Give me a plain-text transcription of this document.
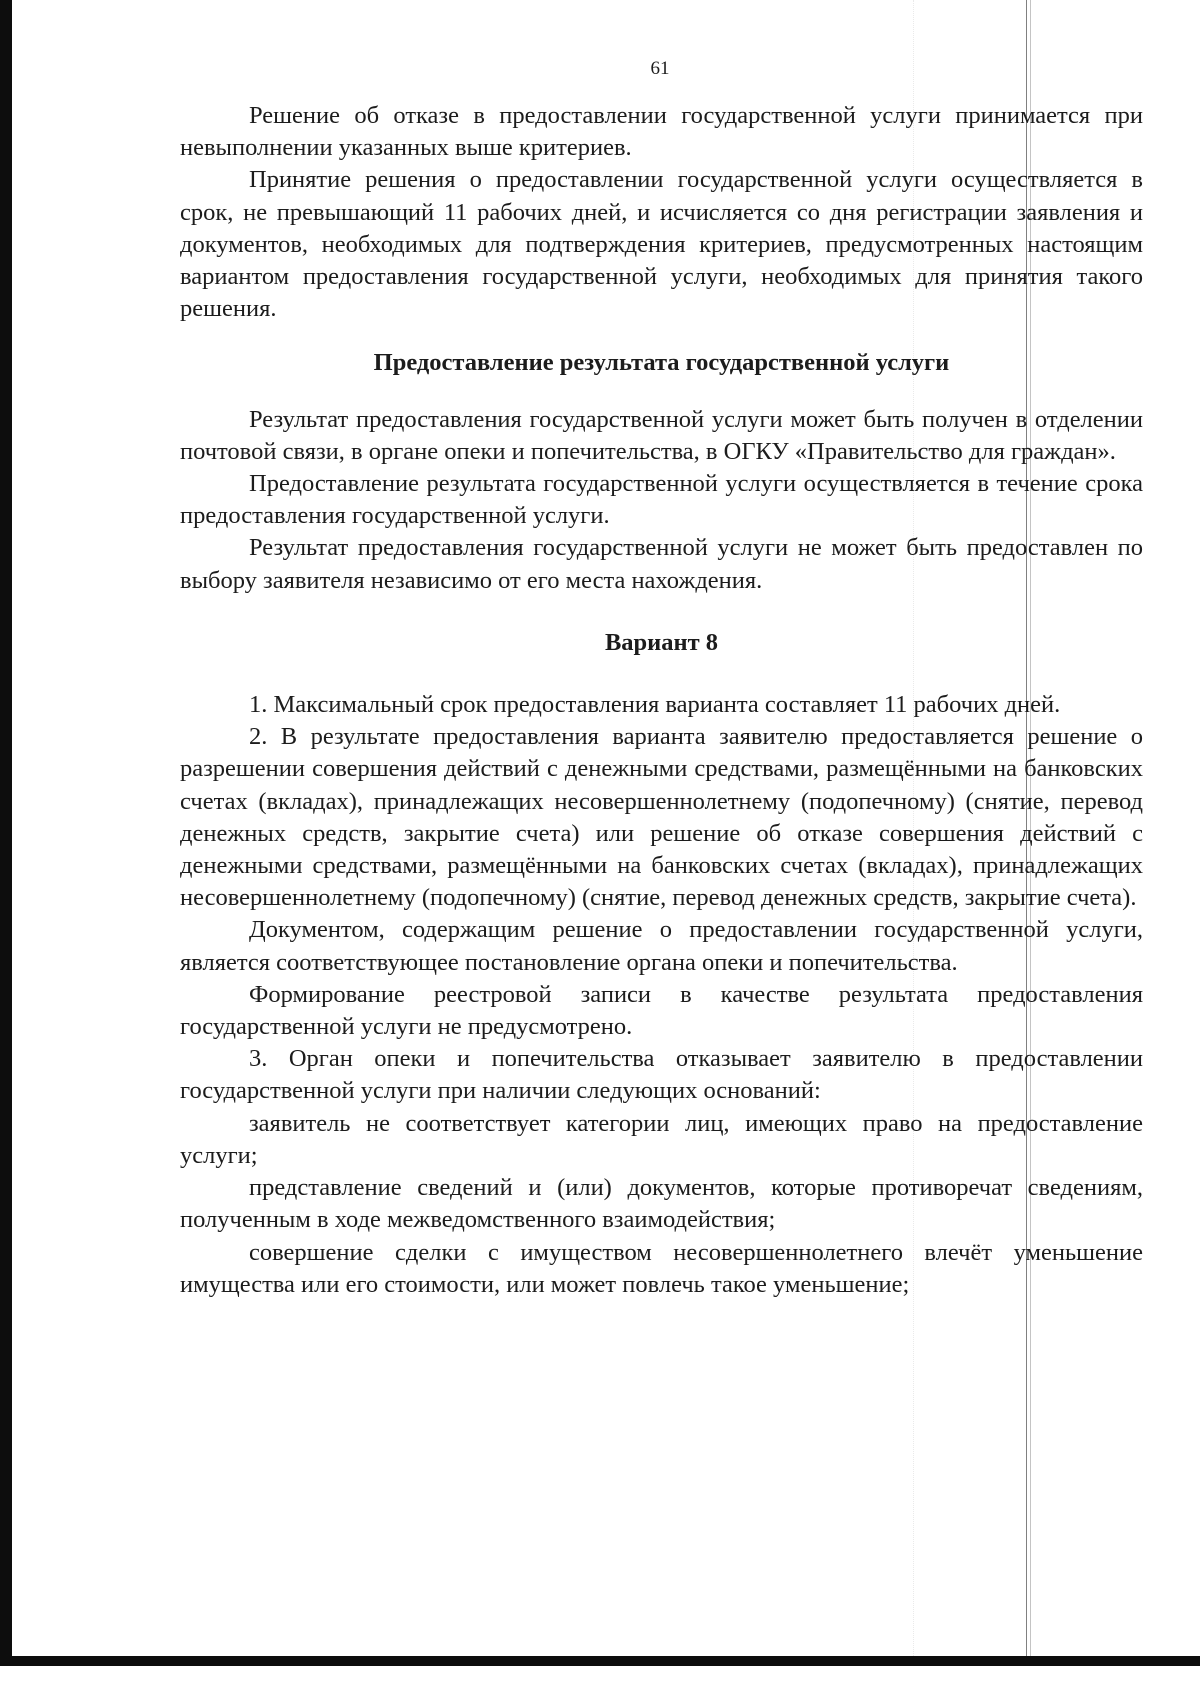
61

Решение об отказе в предоставлении государственной услуги принимается при невыполнении указанных выше критериев.

Принятие решения о предоставлении государственной услуги осуществляется в срок, не превышающий 11 рабочих дней, и исчисляется со дня регистрации заявления и документов, необходимых для подтверждения критериев, предусмотренных настоящим вариантом предоставления государственной услуги, необходимых для принятия такого решения.

Предоставление результата государственной услуги

Результат предоставления государственной услуги может быть получен в отделении почтовой связи, в органе опеки и попечительства, в ОГКУ «Правительство для граждан».

Предоставление результата государственной услуги осуществляется в течение срока предоставления государственной услуги.

Результат предоставления государственной услуги не может быть предоставлен по выбору заявителя независимо от его места нахождения.

Вариант 8

1. Максимальный срок предоставления варианта составляет 11 рабочих дней.

2. В результате предоставления варианта заявителю предоставляется решение о разрешении совершения действий с денежными средствами, размещёнными на банковских счетах (вкладах), принадлежащих несовершеннолетнему (подопечному) (снятие, перевод денежных средств, закрытие счета) или решение об отказе совершения действий с денежными средствами, размещёнными на банковских счетах (вкладах), принадлежащих несовершеннолетнему (подопечному) (снятие, перевод денежных средств, закрытие счета).

Документом, содержащим решение о предоставлении государственной услуги, является соответствующее постановление органа опеки и попечительства.

Формирование реестровой записи в качестве результата предоставления государственной услуги не предусмотрено.

3. Орган опеки и попечительства отказывает заявителю в предоставлении государственной услуги при наличии следующих оснований:

заявитель не соответствует категории лиц, имеющих право на предоставление услуги;

представление сведений и (или) документов, которые противоречат сведениям, полученным в ходе межведомственного взаимодействия;

совершение сделки с имуществом несовершеннолетнего влечёт уменьшение имущества или его стоимости, или может повлечь такое уменьшение;
